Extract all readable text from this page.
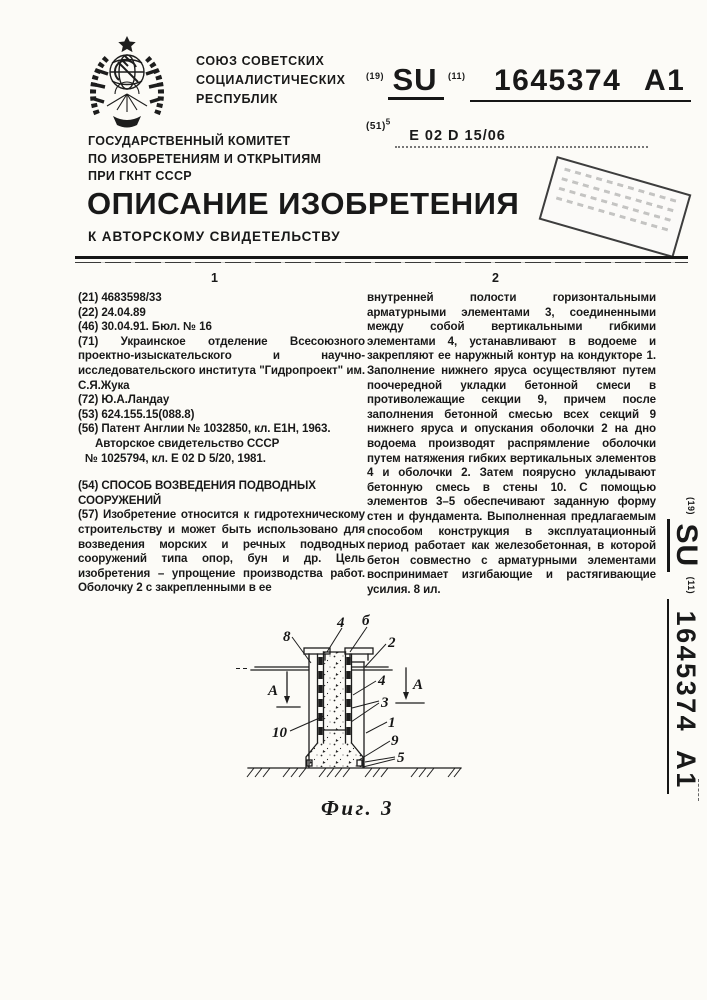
СОЮЗ СОВЕТСКИХ
СОЦИАЛИСТИЧЕСКИХ
РЕСПУБЛИК
$^{(19)}$ SU $^{(11)}$ 1645374 A1
$^{(51)^5}$ E 02 D 15/06
ГОСУДАРСТВЕННЫЙ КОМИТЕТ
ПО ИЗОБРЕТЕНИЯМ И ОТКРЫТИЯМ
ПРИ ГКНТ СССР
ОПИСАНИЕ ИЗОБРЕТЕНИЯ
К АВТОРСКОМУ СВИДЕТЕЛЬСТВУ
1	2
(21) 4683598/33
(22) 24.04.89
(46) 30.04.91. Бюл. № 16
(71) Украинское отделение Всесоюзного проектно-изыскательского и научно-исследовательского института "Гидропроект" им. С.Я.Жука
(72) Ю.А.Ландау
(53) 624.155.15(088.8)
(56) Патент Англии № 1032850, кл. E1H, 1963.
Авторское свидетельство СССР
№ 1025794, кл. E 02 D 5/20, 1981.
(54) СПОСОБ ВОЗВЕДЕНИЯ ПОДВОДНЫХ СООРУЖЕНИЙ
(57) Изобретение относится к гидротехническому строительству и может быть использовано для возведения морских и речных подводных сооружений типа опор, бун и др. Цель изобретения – упрощение производства работ. Оболочку 2 с закрепленными в ее
внутренней полости горизонтальными арматурными элементами 3, соединенными между собой вертикальными гибкими элементами 4, устанавливают в водоеме и закрепляют ее наружный контур на кондукторе 1. Заполнение нижнего яруса осуществляют путем поочередной укладки бетонной смеси в противолежащие секции 9, причем после заполнения бетонной смесью всех секций 9 нижнего яруса и опускания оболочки 2 на дно водоема производят распрямление оболочки путем натяжения гибких вертикальных элементов 4 и оболочки 2. Затем поярусно укладывают бетонную смесь в стены 10. С помощью элементов 3–5 обеспечивают заданную форму стен и фундамента. Выполненная предлагаемым способом конструкция в эксплуатационный период работает как железобетонная, в которой бетон совместно с арматурными элементами воспринимает изгибающие и растягивающие усилия. 8 ил.
А	А
8
4 б
2
4
3
1
10	9
5
Фиг. 3
$^{(19)}$ SU $^{(11)}$ 1645374 A1
